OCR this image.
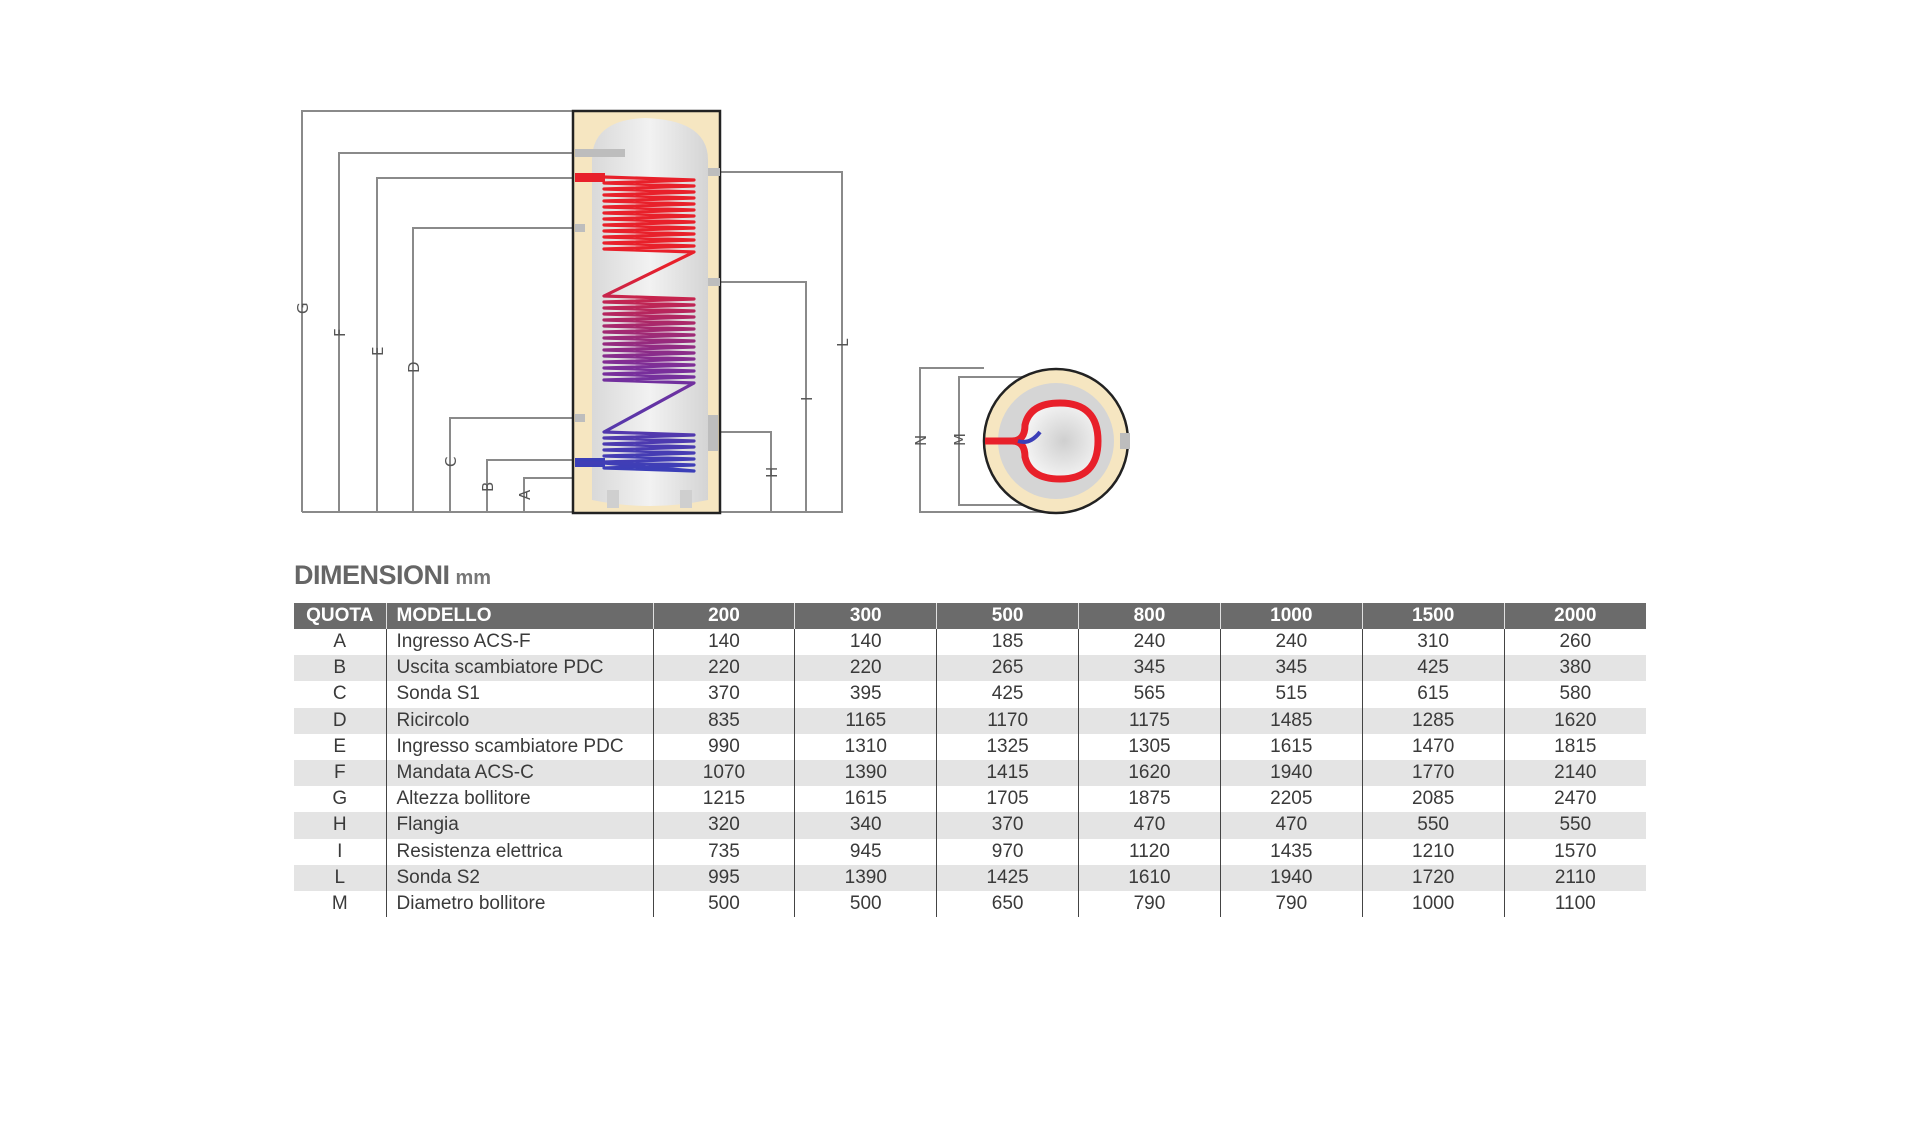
G
F
E
D
C
B
A
L
I
H
N M
DIMENSIONI mm
QUOTA	MODELLO	200	300	500	800	1000	1500	2000
A	Ingresso ACS-F	140	140	185	240	240	310	260
B	Uscita scambiatore PDC	220	220	265	345	345	425	380
C	Sonda S1	370	395	425	565	515	615	580
D	Ricircolo	835	1165	1170	1175	1485	1285	1620
E	Ingresso scambiatore PDC	990	1310	1325	1305	1615	1470	1815
F	Mandata ACS-C	1070	1390	1415	1620	1940	1770	2140
G	Altezza bollitore	1215	1615	1705	1875	2205	2085	2470
H	Flangia	320	340	370	470	470	550	550
I	Resistenza elettrica	735	945	970	1120	1435	1210	1570
L	Sonda S2	995	1390	1425	1610	1940	1720	2110
M	Diametro bollitore	500	500	650	790	790	1000	1100
